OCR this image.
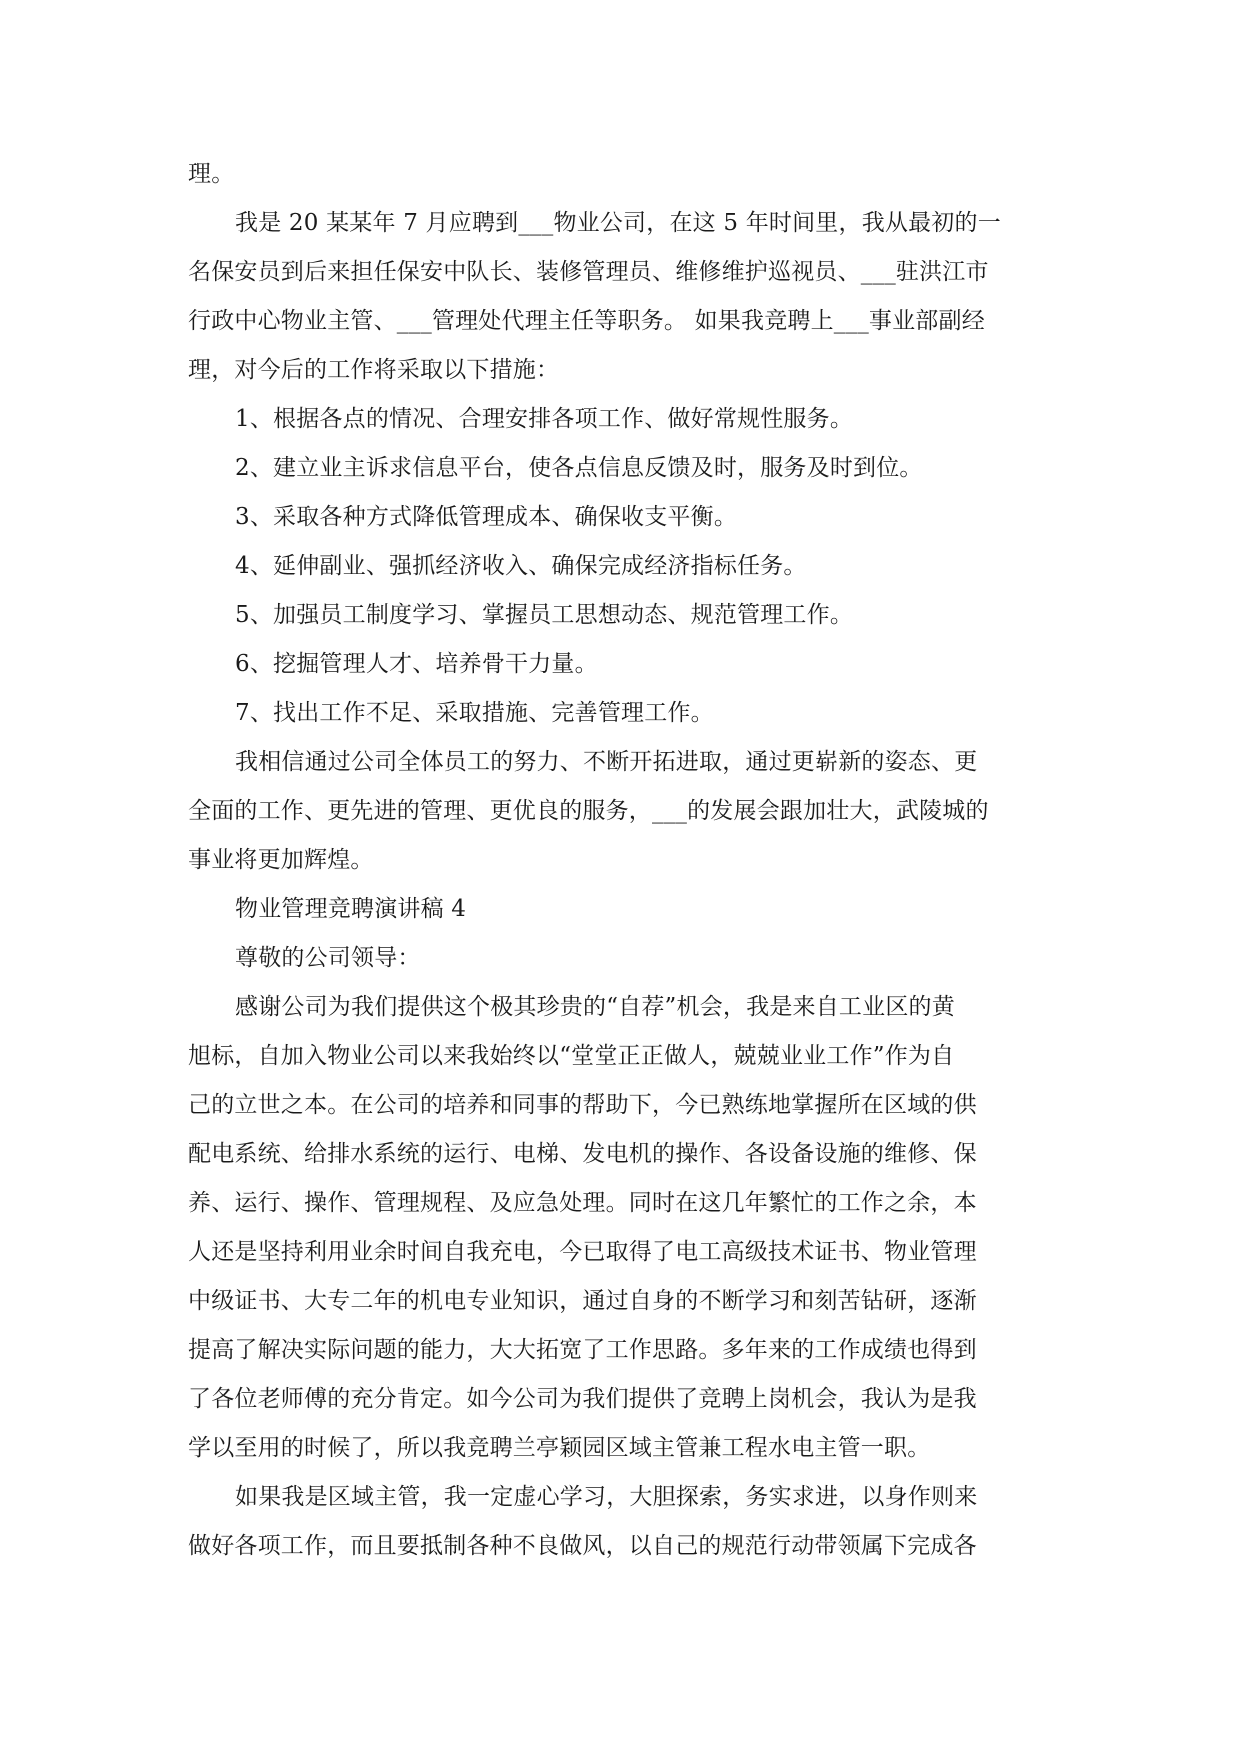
理。

我是 20 某某年 7 月应聘到___物业公司，在这 5 年时间里，我从最初的一

名保安员到后来担任保安中队长、装修管理员、维修维护巡视员、___驻洪江市

行政中心物业主管、___管理处代理主任等职务。 如果我竞聘上___事业部副经

理，对今后的工作将采取以下措施：

1、根据各点的情况、合理安排各项工作、做好常规性服务。

2、建立业主诉求信息平台，使各点信息反馈及时，服务及时到位。

3、采取各种方式降低管理成本、确保收支平衡。

4、延伸副业、强抓经济收入、确保完成经济指标任务。

5、加强员工制度学习、掌握员工思想动态、规范管理工作。

6、挖掘管理人才、培养骨干力量。

7、找出工作不足、采取措施、完善管理工作。

我相信通过公司全体员工的努力、不断开拓进取，通过更崭新的姿态、更

全面的工作、更先进的管理、更优良的服务，___的发展会跟加壮大，武陵城的

事业将更加辉煌。

物业管理竞聘演讲稿 4

尊敬的公司领导：

感谢公司为我们提供这个极其珍贵的“自荐”机会，我是来自工业区的黄

旭标，自加入物业公司以来我始终以“堂堂正正做人，兢兢业业工作”作为自

己的立世之本。在公司的培养和同事的帮助下，今已熟练地掌握所在区域的供

配电系统、给排水系统的运行、电梯、发电机的操作、各设备设施的维修、保

养、运行、操作、管理规程、及应急处理。同时在这几年繁忙的工作之余，本

人还是坚持利用业余时间自我充电，今已取得了电工高级技术证书、物业管理

中级证书、大专二年的机电专业知识，通过自身的不断学习和刻苦钻研，逐渐

提高了解决实际问题的能力，大大拓宽了工作思路。多年来的工作成绩也得到

了各位老师傅的充分肯定。如今公司为我们提供了竞聘上岗机会，我认为是我

学以至用的时候了，所以我竞聘兰亭颖园区域主管兼工程水电主管一职。

如果我是区域主管，我一定虚心学习，大胆探索，务实求进，以身作则来

做好各项工作，而且要抵制各种不良做风，以自己的规范行动带领属下完成各
